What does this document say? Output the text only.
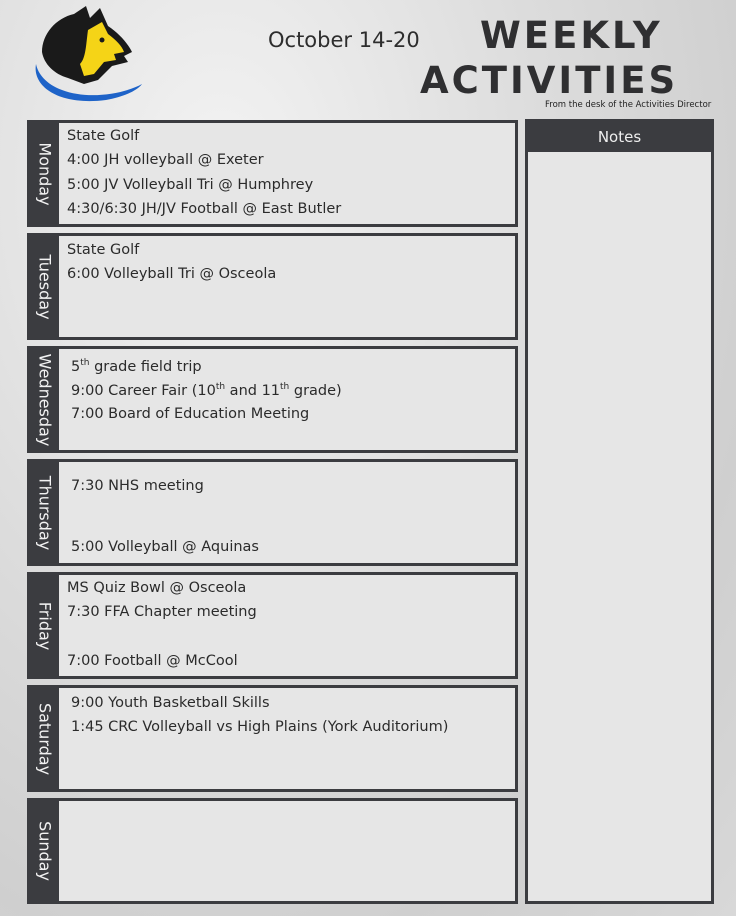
October 14-20 WEEKLY
ACTIVITIES
From the desk of the Activities Director
Monday
State Golf
4:00 JH volleyball @ Exeter
5:00 JV Volleyball Tri @ Humphrey
4:30/6:30 JH/JV Football @ East Butler
Tuesday
State Golf
6:00 Volleyball Tri @ Osceola
Wednesday 5th grade field trip
9:00 Career Fair (10th and 11th grade)
7:00 Board of Education Meeting
Thursday 7:30 NHS meeting
5:00 Volleyball @ Aquinas
Friday
MS Quiz Bowl @ Osceola
7:30 FFA Chapter meeting
7:00 Football @ McCool
Saturday 9:00 Youth Basketball Skills
1:45 CRC Volleyball vs High Plains (York Auditorium)
Sunday
Notes
